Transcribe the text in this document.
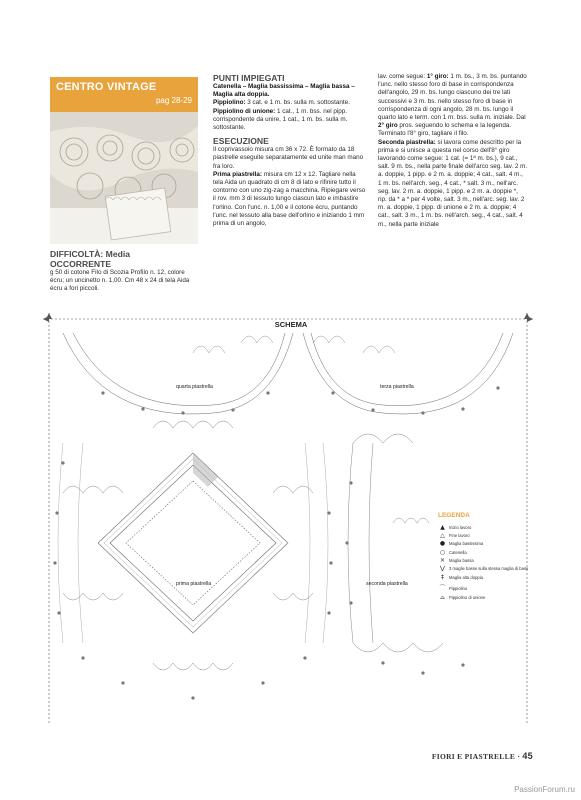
CENTRO VINTAGE
pag 28-29
DIFFICOLTÀ: Media
OCCORRENTE
g 50 di cotone Filo di Scozia Profilo n. 12, colore écru; un uncinetto n. 1,00. Cm 48 x 24 di tela Aida écru a fori piccoli.
PUNTI IMPIEGATI
Catenella – Maglia bassissima – Maglia bassa – Maglia alta doppia.
Pippiolino: 3 cat. e 1 m. bs. sulla m. sottostante.
Pippiolino di unione: 1 cat., 1 m. bss. nel pipp. corrispondente da unire, 1 cat., 1 m. bs. sulla m. sottostante.
ESECUZIONE
Il coprivassoio misura cm 36 x 72. È formato da 18 piastrelle eseguite separatamente ed unite man mano fra loro.
Prima piastrella: misura cm 12 x 12. Tagliare nella tela Aida un quadrato di cm 8 di lato e rifinire tutto il contorno con uno zig-zag a macchina. Ripiegare verso il rov. mm 3 di tessuto lungo ciascun lato e imbastire l'orlino. Con l'unc. n. 1,00 e il cotone écru, puntando l'unc. nel tessuto alla base dell'orlino e iniziando 1 mm prima di un angolo,
lav. come segue: 1° giro: 1 m. bs., 3 m. bs. puntando l'unc. nello stesso foro di base in corrispondenza dell'angolo, 29 m. bs. lungo ciascuno dei tre lati successivi e 3 m. bs. nello stesso foro di base in corrispondenza di ogni angolo, 28 m. bs. lungo il quarto lato e term. con 1 m. bss. sulla m. iniziale. Dal 2° giro pros. seguendo lo schema e la legenda. Terminato l'8° giro, tagliare il filo.
Seconda piastrella: si lavora come descritto per la prima e si unisce a questa nel corso dell'8° giro lavorando come segue: 1 cat. (= 1ª m. bs.), 9 cat., salt. 9 m. bs., nella parte finale dell'arco seg. lav. 2 m. a. doppie, 1 pipp. e 2 m. a. doppie; 4 cat., salt. 4 m., 1 m. bs. nell'arch. seg., 4 cat., * salt. 3 m., nell'arc. seg. lav. 2 m. a. doppie, 1 pipp. e 2 m. a. doppie *, rip. da * a * per 4 volte, salt. 3 m., nell'arc. seg. lav. 2 m. a. doppie, 1 pipp. di unione e 2 m. a. doppie; 4 cat., salt. 3 m., 1 m. bs. nell'arch. seg., 4 cat., salt. 4 m., nella parte iniziale
SCHEMA
quarta piastrella	terza piastrella
prima piastrella	seconda piastrella
LEGENDA
▲ Inizio lavoro
△ Fine lavoro
● Maglia bassissima
○ Catenella
× Maglia bassa
⋁ 3 maglie basse sulla stessa maglia di base
‡	Maglia alta doppia
⌒ Pippiolino
⌓ Pippiolino di unione
FIORI E PIASTRELLE · 45
PassionForum.ru
